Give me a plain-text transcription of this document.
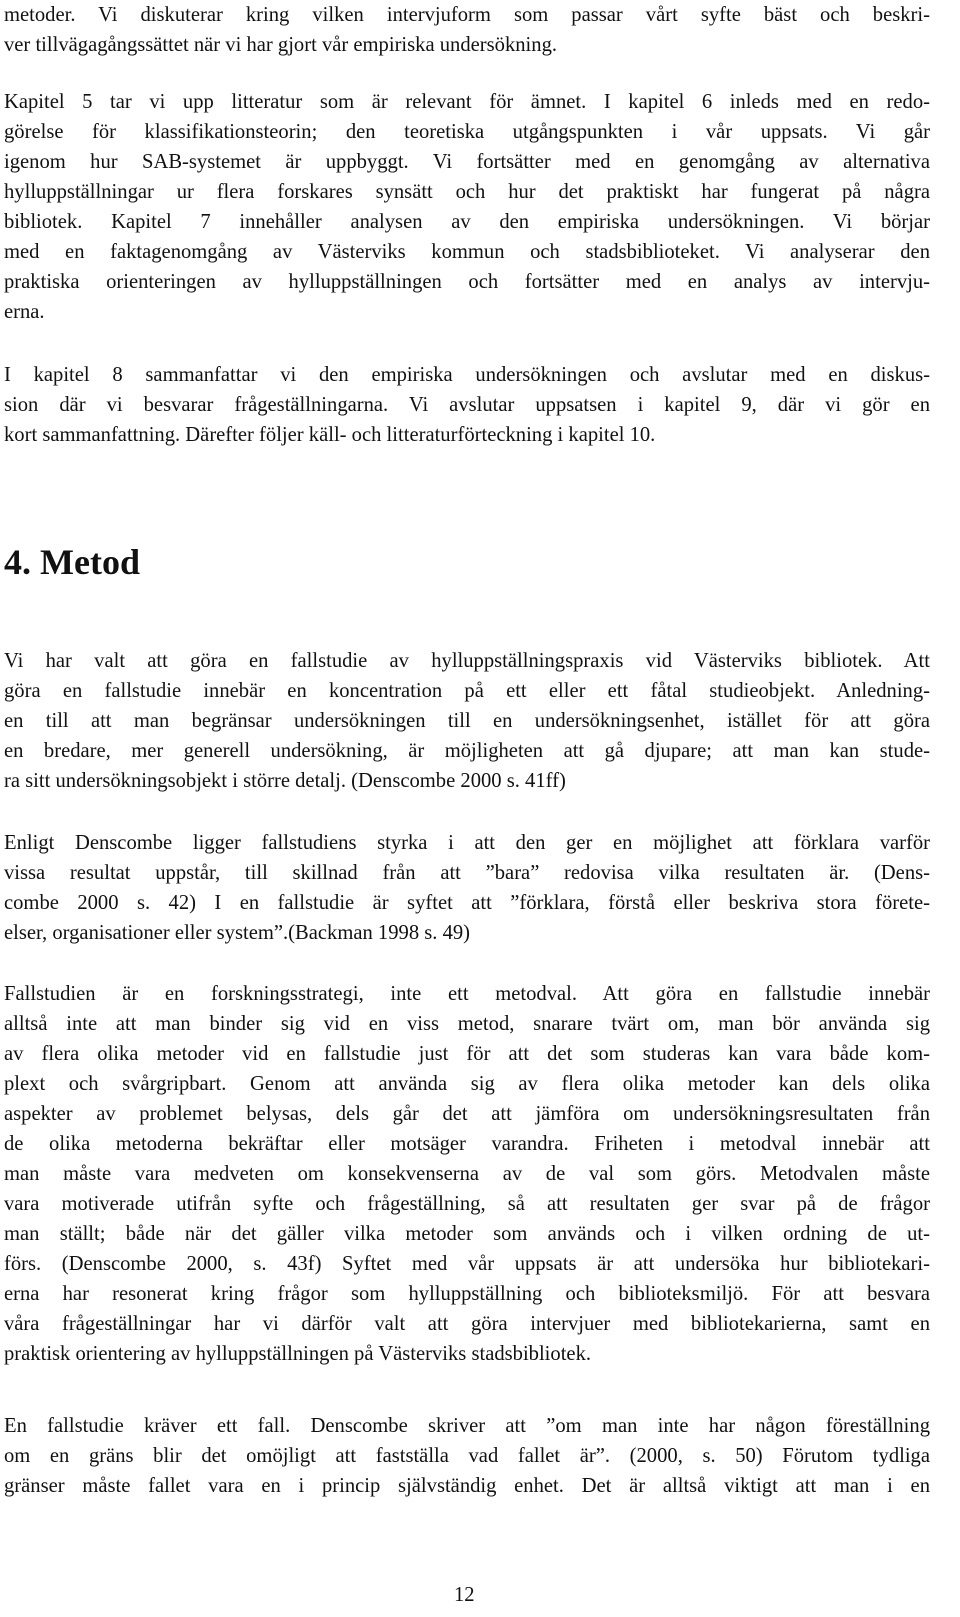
metoder. Vi diskuterar kring vilken intervjuform som passar vårt syfte bäst och beskri-
ver tillvägagångssättet när vi har gjort vår empiriska undersökning.
Kapitel 5 tar vi upp litteratur som är relevant för ämnet. I kapitel 6 inleds med en redo-
görelse för klassifikationsteorin; den teoretiska utgångspunkten i vår uppsats. Vi går
igenom hur SAB-systemet är uppbyggt. Vi fortsätter med en genomgång av alternativa
hylluppställningar ur flera forskares synsätt och hur det praktiskt har fungerat på några
bibliotek. Kapitel 7 innehåller analysen av den empiriska undersökningen. Vi börjar
med en faktagenomgång av Västerviks kommun och stadsbiblioteket. Vi analyserar den
praktiska orienteringen av hylluppställningen och fortsätter med en analys av intervju-
erna.
I kapitel 8 sammanfattar vi den empiriska undersökningen och avslutar med en diskus-
sion där vi besvarar frågeställningarna. Vi avslutar uppsatsen i kapitel 9, där vi gör en
kort sammanfattning. Därefter följer käll- och litteraturförteckning i kapitel 10.
4. Metod
Vi har valt att göra en fallstudie av hylluppställningspraxis vid Västerviks bibliotek. Att
göra en fallstudie innebär en koncentration på ett eller ett fåtal studieobjekt. Anledning-
en till att man begränsar undersökningen till en undersökningsenhet, istället för att göra
en bredare, mer generell undersökning, är möjligheten att gå djupare; att man kan stude-
ra sitt undersökningsobjekt i större detalj. (Denscombe 2000 s. 41ff)
Enligt Denscombe ligger fallstudiens styrka i att den ger en möjlighet att förklara varför
vissa resultat uppstår, till skillnad från att ”bara” redovisa vilka resultaten är. (Dens-
combe 2000 s. 42) I en fallstudie är syftet att ”förklara, förstå eller beskriva stora förete-
elser, organisationer eller system”.(Backman 1998 s. 49)
Fallstudien är en forskningsstrategi, inte ett metodval. Att göra en fallstudie innebär
alltså inte att man binder sig vid en viss metod, snarare tvärt om, man bör använda sig
av flera olika metoder vid en fallstudie just för att det som studeras kan vara både kom-
plext och svårgripbart. Genom att använda sig av flera olika metoder kan dels olika
aspekter av problemet belysas, dels går det att jämföra om undersökningsresultaten från
de olika metoderna bekräftar eller motsäger varandra. Friheten i metodval innebär att
man måste vara medveten om konsekvenserna av de val som görs. Metodvalen måste
vara motiverade utifrån syfte och frågeställning, så att resultaten ger svar på de frågor
man ställt; både när det gäller vilka metoder som används och i vilken ordning de ut-
förs. (Denscombe 2000, s. 43f) Syftet med vår uppsats är att undersöka hur bibliotekari-
erna har resonerat kring frågor som hylluppställning och biblioteksmiljö. För att besvara
våra frågeställningar har vi därför valt att göra intervjuer med bibliotekarierna, samt en
praktisk orientering av hylluppställningen på Västerviks stadsbibliotek.
En fallstudie kräver ett fall. Denscombe skriver att ”om man inte har någon föreställning
om en gräns blir det omöjligt att fastställa vad fallet är”. (2000, s. 50) Förutom tydliga
gränser måste fallet vara en i princip självständig enhet. Det är alltså viktigt att man i en
12
